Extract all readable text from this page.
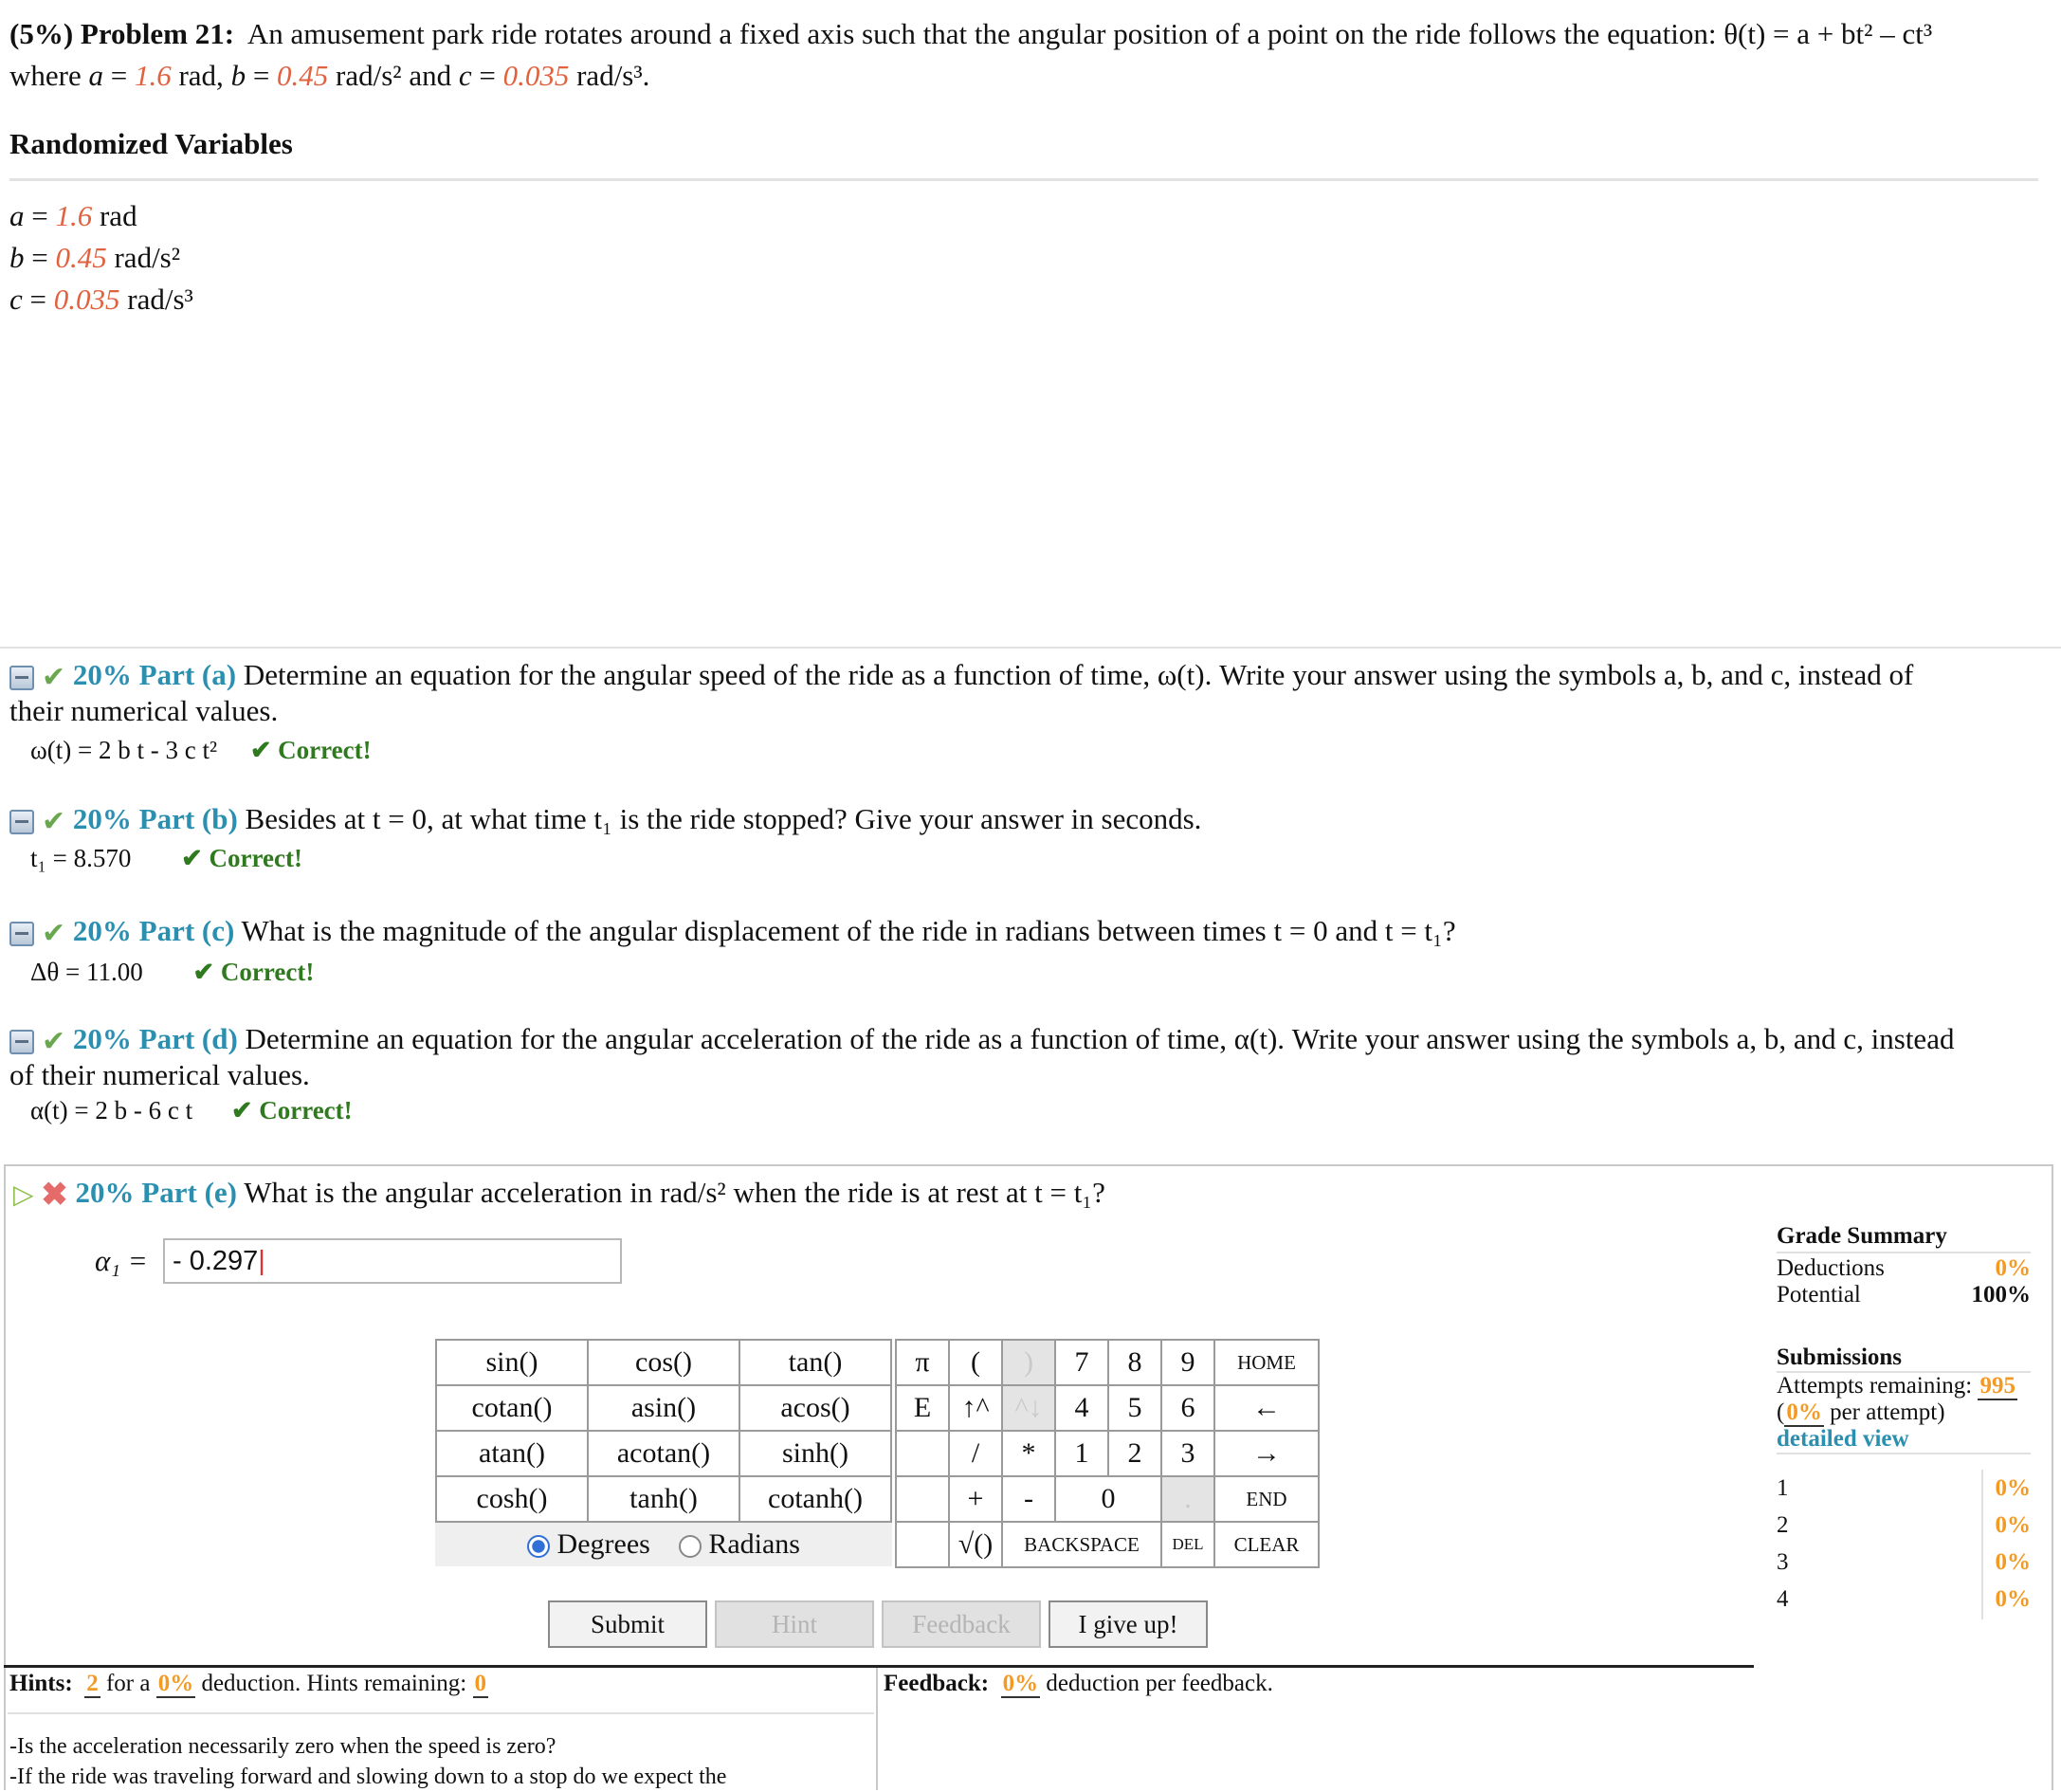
(5%) Problem 21: An amusement park ride rotates around a fixed axis such that the angular position of a point on the ride follows the equation: θ(t) = a + bt² – ct³
where a = 1.6 rad, b = 0.45 rad/s² and c = 0.035 rad/s³.
Randomized Variables
a = 1.6 rad
b = 0.45 rad/s²
c = 0.035 rad/s³
✔ 20% Part (a) Determine an equation for the angular speed of the ride as a function of time, ω(t). Write your answer using the symbols a, b, and c, instead of
their numerical values.
ω(t) = 2 b t - 3 c t² ✔ Correct!
✔ 20% Part (b) Besides at t = 0, at what time t₁ is the ride stopped? Give your answer in seconds.
t₁ = 8.570 ✔ Correct!
✔ 20% Part (c) What is the magnitude of the angular displacement of the ride in radians between times t = 0 and t = t₁?
Δθ = 11.00 ✔ Correct!
✔ 20% Part (d) Determine an equation for the angular acceleration of the ride as a function of time, α(t). Write your answer using the symbols a, b, and c, instead
of their numerical values.
α(t) = 2 b - 6 c t ✔ Correct!
▷ ✖ 20% Part (e) What is the angular acceleration in rad/s² when the ride is at rest at t = t₁?
α₁ = - 0.297|
sin()	cos()	tan()
cotan()	asin()	acos()
atan()	acotan()	sinh()
cosh()	tanh()	cotanh()
Degrees Radians
π	(	)	7	8	9	HOME
E	↑^	^↓	4	5	6	←
	/	*	1	2	3	→
	+	-	0		.	END
	√()	BACKSPACE			DEL	CLEAR
Submit	Hint	Feedback	I give up!
Grade Summary
Deductions	0%
Potential	100%
Submissions
Attempts remaining: 995
(0% per attempt)
detailed view
1	0%
2	0%
3	0%
4	0%
Hints: 2 for a 0% deduction. Hints remaining: 0
-Is the acceleration necessarily zero when the speed is zero?
-If the ride was traveling forward and slowing down to a stop do we expect the
Feedback: 0% deduction per feedback.
